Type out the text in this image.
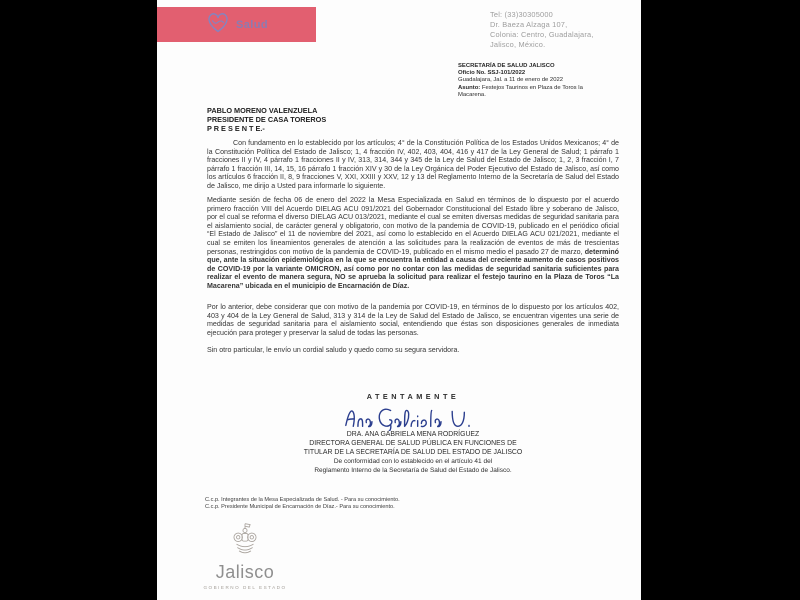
Salud
Tel: (33)30305000
Dr. Baeza Alzaga 107,
Colonia: Centro, Guadalajara,
Jalisco, México.
SECRETARÍA DE SALUD JALISCO
Oficio No. SSJ-101/2022
Guadalajara, Jal. a 11 de enero de 2022
Asunto: Festejos Taurinos en Plaza de Toros la Macarena.
PABLO MORENO VALENZUELA
PRESIDENTE DE CASA TOREROS
P R E S E N T E.-

Con fundamento en lo establecido por los artículos; 4° de la Constitución Política de los Estados Unidos Mexicanos; 4° de la Constitución Política del Estado de Jalisco; 1, 4 fracción IV, 402, 403, 404, 416 y 417 de la Ley General de Salud; 1 párrafo 1 fracciones II y IV, 4 párrafo 1 fracciones II y IV, 313, 314, 344 y 345 de la Ley de Salud del Estado de Jalisco; 1, 2, 3 fracción I, 7 párrafo 1 fracción III, 14, 15, 16 párrafo 1 fracción XIV y 30 de la Ley Orgánica del Poder Ejecutivo del Estado de Jalisco, así como los artículos 6 fracción II, 8, 9 fracciones V, XXI, XXIII y XXV, 12 y 13 del Reglamento Interno de la Secretaría de Salud del Estado de Jalisco, me dirijo a Usted para informarle lo siguiente.

Mediante sesión de fecha 06 de enero del 2022 la Mesa Especializada en Salud en términos de lo dispuesto por el acuerdo primero fracción VIII del Acuerdo DIELAG ACU 091/2021 del Gobernador Constitucional del Estado libre y soberano de Jalisco, por el cual se reforma el diverso DIELAG ACU 013/2021, mediante el cual se emiten diversas medidas de seguridad sanitaria para el aislamiento social, de carácter general y obligatorio, con motivo de la pandemia de COVID-19, publicado en el periódico oficial “El Estado de Jalisco” el 11 de noviembre del 2021, así como lo establecido en el Acuerdo DIELAG ACU 021/2021, mediante el cual se emiten los lineamientos generales de atención a las solicitudes para la realización de eventos de más de trescientas personas, restringidos con motivo de la pandemia de COVID-19, publicado en el mismo medio el pasado 27 de marzo, determinó que, ante la situación epidemiológica en la que se encuentra la entidad a causa del creciente aumento de casos positivos de COVID-19 por la variante OMICRON, así como por no contar con las medidas de seguridad sanitaria suficientes para realizar el evento de manera segura, NO se aprueba la solicitud para realizar el festejo taurino en la Plaza de Toros “La Macarena” ubicada en el municipio de Encarnación de Díaz.

Por lo anterior, debe considerar que con motivo de la pandemia por COVID-19, en términos de lo dispuesto por los artículos 402, 403 y 404 de la Ley General de Salud, 313 y 314 de la Ley de Salud del Estado de Jalisco, se encuentran vigentes una serie de medidas de seguridad sanitaria para el aislamiento social, entendiendo que éstas son disposiciones generales de inmediata ejecución para proteger y preservar la salud de todas las personas.

Sin otro particular, le envío un cordial saludo y quedo como su segura servidora.

ATENTAMENTE
DRA. ANA GABRIELA MENA RODRÍGUEZ
DIRECTORA GENERAL DE SALUD PÚBLICA EN FUNCIONES DE
TITULAR DE LA SECRETARÍA DE SALUD DEL ESTADO DE JALISCO
De conformidad con lo establecido en el artículo 41 del
Reglamento Interno de la Secretaría de Salud del Estado de Jalisco.
C.c.p. Integrantes de la Mesa Especializada de Salud. - Para su conocimiento.
C.c.p. Presidente Municipal de Encarnación de Díaz.- Para su conocimiento.
Jalisco
GOBIERNO DEL ESTADO
